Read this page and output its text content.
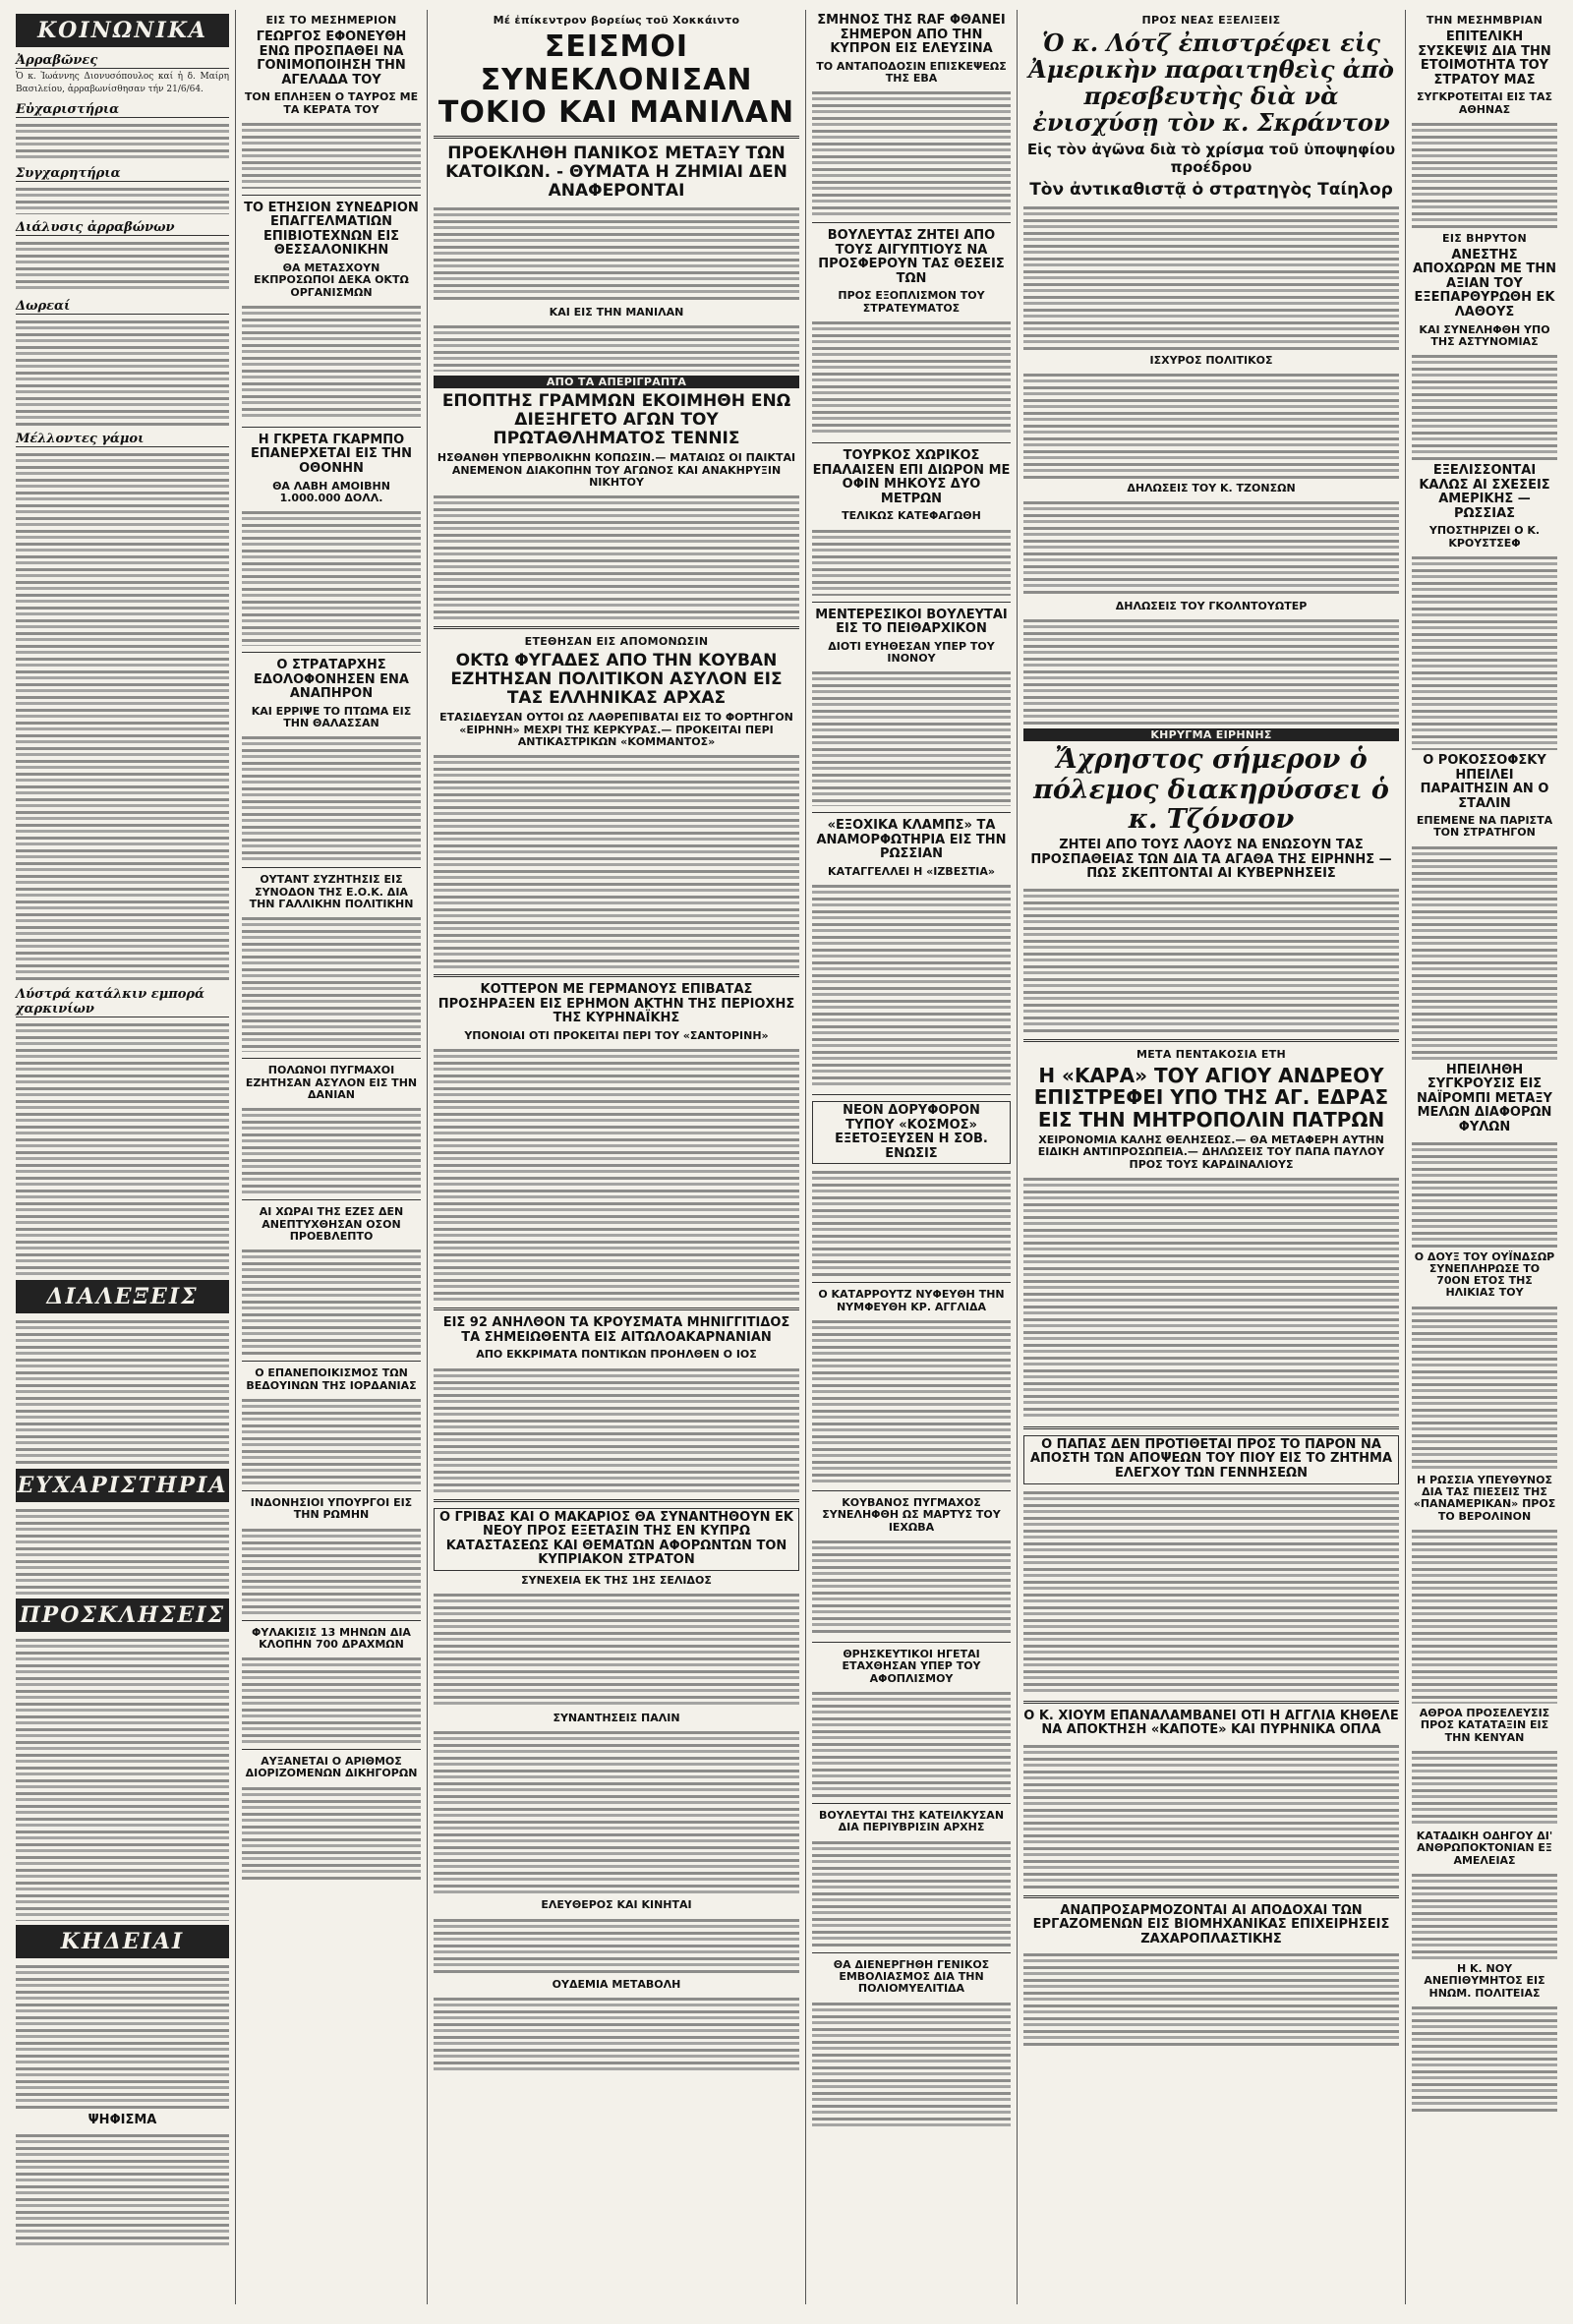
ΚΟΙΝΩΝΙΚΑ
Ἀρραβῶνες
Ὁ κ. Ἰωάννης Διονυσόπουλος καί ἡ δ. Μαίρη Βασιλείου, ἀρραβωνίσθησαν τήν 21/6/64.
Εὐχαριστήρια
Συγχαρητήρια
Διάλυσις ἀρραβώνων
Δωρεαί
Μέλλοντες γάμοι
Λύστρά κατάλκιν εμπορά χαρκινίων
ΔΙΑΛΕΞΕΙΣ
ΕΥΧΑΡΙΣΤΗΡΙΑ
ΠΡΟΣΚΛΗΣΕΙΣ
ΚΗΔΕΙΑΙ
ΨΗΦΙΣΜΑ
ΕΙΣ ΤΟ ΜΕΣΗΜΕΡΙΟΝ
ΓΕΩΡΓΟΣ ΕΦΟΝΕΥΘΗ ΕΝΩ ΠΡΟΣΠΑΘΕΙ ΝΑ ΓΟΝΙΜΟΠΟΙΗΣΗ ΤΗΝ ΑΓΕΛΑΔΑ ΤΟΥ
ΤΟΝ ΕΠΛΗΞΕΝ Ο ΤΑΥΡΟΣ ΜΕ ΤΑ ΚΕΡΑΤΑ ΤΟΥ
ΤΟ ΕΤΗΣΙΟΝ ΣΥΝΕΔΡΙΟΝ ΕΠΑΓΓΕΛΜΑΤΙΩΝ ΕΠΙΒΙΟΤΕΧΝΩΝ ΕΙΣ ΘΕΣΣΑΛΟΝΙΚΗΝ
ΘΑ ΜΕΤΑΣΧΟΥΝ ΕΚΠΡΟΣΩΠΟΙ ΔΕΚΑ ΟΚΤΩ ΟΡΓΑΝΙΣΜΩΝ
Η ΓΚΡΕΤΑ ΓΚΑΡΜΠΟ ΕΠΑΝΕΡΧΕΤΑΙ ΕΙΣ ΤΗΝ ΟΘΟΝΗΝ
ΘΑ ΛΑΒΗ ΑΜΟΙΒΗΝ 1.000.000 ΔΟΛΛ.
Ο ΣΤΡΑΤΑΡΧΗΣ ΕΔΟΛΟΦΟΝΗΣΕΝ ΕΝΑ ΑΝΑΠΗΡΟΝ
ΚΑΙ ΕΡΡΙΨΕ ΤΟ ΠΤΩΜΑ ΕΙΣ ΤΗΝ ΘΑΛΑΣΣΑΝ
ΟΥΤΑΝΤ ΣΥΖΗΤΗΣΙΣ ΕΙΣ ΣΥΝΟΔΟΝ ΤΗΣ Ε.Ο.Κ. ΔΙΑ ΤΗΝ ΓΑΛΛΙΚΗΝ ΠΟΛΙΤΙΚΗΝ
ΠΟΛΩΝΟΙ ΠΥΓΜΑΧΟΙ ΕΖΗΤΗΣΑΝ ΑΣΥΛΟΝ ΕΙΣ ΤΗΝ ΔΑΝΙΑΝ
ΑΙ ΧΩΡΑΙ ΤΗΣ ΕΖΕΣ ΔΕΝ ΑΝΕΠΤΥΧΘΗΣΑΝ ΟΣΟΝ ΠΡΟΕΒΛΕΠΤΟ
Ο ΕΠΑΝΕΠΟΙΚΙΣΜΟΣ ΤΩΝ ΒΕΔΟΥΙΝΩΝ ΤΗΣ ΙΟΡΔΑΝΙΑΣ
ΙΝΔΟΝΗΣΙΟΙ ΥΠΟΥΡΓΟΙ ΕΙΣ ΤΗΝ ΡΩΜΗΝ
ΦΥΛΑΚΙΣΙΣ 13 ΜΗΝΩΝ ΔΙΑ ΚΛΟΠΗΝ 700 ΔΡΑΧΜΩΝ
ΑΥΞΑΝΕΤΑΙ Ο ΑΡΙΘΜΟΣ ΔΙΟΡΙΖΟΜΕΝΩΝ ΔΙΚΗΓΟΡΩΝ
Μέ ἐπίκεντρον βορείως τοῦ Χοκκάιντο
ΣΕΙΣΜΟΙ ΣΥΝΕΚΛΟΝΙΣΑΝ ΤΟΚΙΟ ΚΑΙ ΜΑΝΙΛΑΝ
ΠΡΟΕΚΛΗΘΗ ΠΑΝΙΚΟΣ ΜΕΤΑΞΥ ΤΩΝ ΚΑΤΟΙΚΩΝ. - ΘΥΜΑΤΑ Η ΖΗΜΙΑΙ ΔΕΝ ΑΝΑΦΕΡΟΝΤΑΙ
ΚΑΙ ΕΙΣ ΤΗΝ ΜΑΝΙΛΑΝ
ΑΠΟ ΤΑ ΑΠΕΡΙΓΡΑΠΤΑ
ΕΠΟΠΤΗΣ ΓΡΑΜΜΩΝ ΕΚΟΙΜΗΘΗ ΕΝΩ ΔΙΕΞΗΓΕΤΟ ΑΓΩΝ ΤΟΥ ΠΡΩΤΑΘΛΗΜΑΤΟΣ ΤΕΝΝΙΣ
ΗΣΘΑΝΘΗ ΥΠΕΡΒΟΛΙΚΗΝ ΚΟΠΩΣΙΝ.— ΜΑΤΑΙΩΣ ΟΙ ΠΑΙΚΤΑΙ ΑΝΕΜΕΝΟΝ ΔΙΑΚΟΠΗΝ ΤΟΥ ΑΓΩΝΟΣ ΚΑΙ ΑΝΑΚΗΡΥΞΙΝ ΝΙΚΗΤΟΥ
ΕΤΕΘΗΣΑΝ ΕΙΣ ΑΠΟΜΟΝΩΣΙΝ
ΟΚΤΩ ΦΥΓΑΔΕΣ ΑΠΟ ΤΗΝ ΚΟΥΒΑΝ ΕΖΗΤΗΣΑΝ ΠΟΛΙΤΙΚΟΝ ΑΣΥΛΟΝ ΕΙΣ ΤΑΣ ΕΛΛΗΝΙΚΑΣ ΑΡΧΑΣ
ΕΤΑΣΙΔΕΥΣΑΝ ΟΥΤΟΙ ΩΣ ΛΑΘΡΕΠΙΒΑΤΑΙ ΕΙΣ ΤΟ ΦΟΡΤΗΓΟΝ «ΕΙΡΗΝΗ» ΜΕΧΡΙ ΤΗΣ ΚΕΡΚΥΡΑΣ.— ΠΡΟΚΕΙΤΑΙ ΠΕΡΙ ΑΝΤΙΚΑΣΤΡΙΚΩΝ «ΚΟΜΜΑΝΤΟΣ»
ΚΟΤΤΕΡΟΝ ΜΕ ΓΕΡΜΑΝΟΥΣ ΕΠΙΒΑΤΑΣ ΠΡΟΣΗΡΑΞΕΝ ΕΙΣ ΕΡΗΜΟΝ ΑΚΤΗΝ ΤΗΣ ΠΕΡΙΟΧΗΣ ΤΗΣ ΚΥΡΗΝΑΪΚΗΣ
ΥΠΟΝΟΙΑΙ ΟΤΙ ΠΡΟΚΕΙΤΑΙ ΠΕΡΙ ΤΟΥ «ΣΑΝΤΟΡΙΝΗ»
ΕΙΣ 92 ΑΝΗΛΘΟΝ ΤΑ ΚΡΟΥΣΜΑΤΑ ΜΗΝΙΓΓΙΤΙΔΟΣ ΤΑ ΣΗΜΕΙΩΘΕΝΤΑ ΕΙΣ ΑΙΤΩΛΟΑΚΑΡΝΑΝΙΑΝ
ΑΠΟ ΕΚΚΡΙΜΑΤΑ ΠΟΝΤΙΚΩΝ ΠΡΟΗΛΘΕΝ Ο ΙΟΣ
Ο ΓΡΙΒΑΣ ΚΑΙ Ο ΜΑΚΑΡΙΟΣ ΘΑ ΣΥΝΑΝΤΗΘΟΥΝ ΕΚ ΝΕΟΥ ΠΡΟΣ ΕΞΕΤΑΣΙΝ ΤΗΣ ΕΝ ΚΥΠΡΩ ΚΑΤΑΣΤΑΣΕΩΣ ΚΑΙ ΘΕΜΑΤΩΝ ΑΦΟΡΩΝΤΩΝ ΤΟΝ ΚΥΠΡΙΑΚΟΝ ΣΤΡΑΤΟΝ
ΣΥΝΕΧΕΙΑ ΕΚ ΤΗΣ 1ΗΣ ΣΕΛΙΔΟΣ
ΣΥΝΑΝΤΗΣΕΙΣ ΠΑΛΙΝ
ΕΛΕΥΘΕΡΟΣ ΚΑΙ ΚΙΝΗΤΑΙ
ΟΥΔΕΜΙΑ ΜΕΤΑΒΟΛΗ
ΣΜΗΝΟΣ ΤΗΣ RAF ΦΘΑΝΕΙ ΣΗΜΕΡΟΝ ΑΠΟ ΤΗΝ ΚΥΠΡΟΝ ΕΙΣ ΕΛΕΥΣΙΝΑ
ΤΟ ΑΝΤΑΠΟΔΟΣΙΝ ΕΠΙΣΚΕΨΕΩΣ ΤΗΣ ΕΒΑ
ΒΟΥΛΕΥΤΑΣ ΖΗΤΕΙ ΑΠΟ ΤΟΥΣ ΑΙΓΥΠΤΙΟΥΣ ΝΑ ΠΡΟΣΦΕΡΟΥΝ ΤΑΣ ΘΕΣΕΙΣ ΤΩΝ
ΠΡΟΣ ΕΞΟΠΛΙΣΜΟΝ ΤΟΥ ΣΤΡΑΤΕΥΜΑΤΟΣ
ΤΟΥΡΚΟΣ ΧΩΡΙΚΟΣ ΕΠΑΛΑΙΣΕΝ ΕΠΙ ΔΙΩΡΟΝ ΜΕ ΟΦΙΝ ΜΗΚΟΥΣ ΔΥΟ ΜΕΤΡΩΝ
ΤΕΛΙΚΩΣ ΚΑΤΕΦΑΓΩΘΗ
ΜΕΝΤΕΡΕΣΙΚΟΙ ΒΟΥΛΕΥΤΑΙ ΕΙΣ ΤΟ ΠΕΙΘΑΡΧΙΚΟΝ
ΔΙΟΤΙ ΕΥΗΘΕΣΑΝ ΥΠΕΡ ΤΟΥ ΙΝΟΝΟΥ
«ΕΞΟΧΙΚΑ ΚΛΑΜΠΣ» ΤΑ ΑΝΑΜΟΡΦΩΤΗΡΙΑ ΕΙΣ ΤΗΝ ΡΩΣΣΙΑΝ
ΚΑΤΑΓΓΕΛΛΕΙ Η «ΙΖΒΕΣΤΙΑ»
ΝΕΟΝ ΔΟΡΥΦΟΡΟΝ ΤΥΠΟΥ «ΚΟΣΜΟΣ» ΕΞΕΤΟΞΕΥΣΕΝ Η ΣΟΒ. ΕΝΩΣΙΣ
Ο ΚΑΤΑΡΡΟΥΤΖ ΝΥΦΕΥΘΗ ΤΗΝ ΝΥΜΦΕΥΘΗ ΚΡ. ΑΓΓΛΙΔΑ
ΚΟΥΒΑΝΟΣ ΠΥΓΜΑΧΟΣ ΣΥΝΕΛΗΦΘΗ ΩΣ ΜΑΡΤΥΣ ΤΟΥ ΙΕΧΩΒΑ
ΘΡΗΣΚΕΥΤΙΚΟΙ ΗΓΕΤΑΙ ΕΤΑΧΘΗΣΑΝ ΥΠΕΡ ΤΟΥ ΑΦΟΠΛΙΣΜΟΥ
ΒΟΥΛΕΥΤΑΙ ΤΗΣ ΚΑΤΕΙΛΚΥΣΑΝ ΔΙΑ ΠΕΡΙΥΒΡΙΣΙΝ ΑΡΧΗΣ
ΘΑ ΔΙΕΝΕΡΓΗΘΗ ΓΕΝΙΚΟΣ ΕΜΒΟΛΙΑΣΜΟΣ ΔΙΑ ΤΗΝ ΠΟΛΙΟΜΥΕΛΙΤΙΔΑ
ΠΡΟΣ ΝΕΑΣ ΕΞΕΛΙΞΕΙΣ
Ὁ κ. Λότζ ἐπιστρέφει εἰς Ἀμερικὴν παραιτηθεὶς ἀπὸ πρεσβευτὴς διὰ νὰ ἐνισχύσῃ τὸν κ. Σκράντον
Εἰς τὸν ἀγῶνα διὰ τὸ χρίσμα τοῦ ὑποψηφίου προέδρου
Τὸν ἀντικαθιστᾷ ὁ στρατηγὸς Ταίηλορ
ΙΣΧΥΡΟΣ ΠΟΛΙΤΙΚΟΣ
ΔΗΛΩΣΕΙΣ ΤΟΥ Κ. ΤΖΟΝΣΩΝ
ΔΗΛΩΣΕΙΣ ΤΟΥ ΓΚΟΛΝΤΟΥΩΤΕΡ
ΚΗΡΥΓΜΑ ΕΙΡΗΝΗΣ
Ἄχρηστος σήμερον ὁ πόλεμος διακηρύσσει ὁ κ. Τζόνσον
ΖΗΤΕΙ ΑΠΟ ΤΟΥΣ ΛΑΟΥΣ ΝΑ ΕΝΩΣΟΥΝ ΤΑΣ ΠΡΟΣΠΑΘΕΙΑΣ ΤΩΝ ΔΙΑ ΤΑ ΑΓΑΘΑ ΤΗΣ ΕΙΡΗΝΗΣ — ΠΩΣ ΣΚΕΠΤΟΝΤΑΙ ΑΙ ΚΥΒΕΡΝΗΣΕΙΣ
ΜΕΤΑ ΠΕΝΤΑΚΟΣΙΑ ΕΤΗ
Η «ΚΑΡΑ» ΤΟΥ ΑΓΙΟΥ ΑΝΔΡΕΟΥ ΕΠΙΣΤΡΕΦΕΙ ΥΠΟ ΤΗΣ ΑΓ. ΕΔΡΑΣ ΕΙΣ ΤΗΝ ΜΗΤΡΟΠΟΛΙΝ ΠΑΤΡΩΝ
ΧΕΙΡΟΝΟΜΙΑ ΚΑΛΗΣ ΘΕΛΗΣΕΩΣ.— ΘΑ ΜΕΤΑΦΕΡΗ ΑΥΤΗΝ ΕΙΔΙΚΗ ΑΝΤΙΠΡΟΣΩΠΕΙΑ.— ΔΗΛΩΣΕΙΣ ΤΟΥ ΠΑΠΑ ΠΑΥΛΟΥ ΠΡΟΣ ΤΟΥΣ ΚΑΡΔΙΝΑΛΙΟΥΣ
Ο ΠΑΠΑΣ ΔΕΝ ΠΡΟΤΙΘΕΤΑΙ ΠΡΟΣ ΤΟ ΠΑΡΟΝ ΝΑ ΑΠΟΣΤΗ ΤΩΝ ΑΠΟΨΕΩΝ ΤΟΥ ΠΙΟΥ ΕΙΣ ΤΟ ΖΗΤΗΜΑ ΕΛΕΓΧΟΥ ΤΩΝ ΓΕΝΝΗΣΕΩΝ
Ο Κ. ΧΙΟΥΜ ΕΠΑΝΑΛΑΜΒΑΝΕΙ ΟΤΙ Η ΑΓΓΛΙΑ ΚΗΘΕΛΕ ΝΑ ΑΠΟΚΤΗΣΗ «ΚΑΠΟΤΕ» ΚΑΙ ΠΥΡΗΝΙΚΑ ΟΠΛΑ
ΑΝΑΠΡΟΣΑΡΜΟΖΟΝΤΑΙ ΑΙ ΑΠΟΔΟΧΑΙ ΤΩΝ ΕΡΓΑΖΟΜΕΝΩΝ ΕΙΣ ΒΙΟΜΗΧΑΝΙΚΑΣ ΕΠΙΧΕΙΡΗΣΕΙΣ ΖΑΧΑΡΟΠΛΑΣΤΙΚΗΣ
ΤΗΝ ΜΕΣΗΜΒΡΙΑΝ
ΕΠΙΤΕΛΙΚΗ ΣΥΣΚΕΨΙΣ ΔΙΑ ΤΗΝ ΕΤΟΙΜΟΤΗΤΑ ΤΟΥ ΣΤΡΑΤΟΥ ΜΑΣ
ΣΥΓΚΡΟΤΕΙΤΑΙ ΕΙΣ ΤΑΣ ΑΘΗΝΑΣ
ΕΙΣ ΒΗΡΥΤΟΝ
ΑΝΕΣΤΗΣ ΑΠΟΧΩΡΩΝ ΜΕ ΤΗΝ ΑΞΙΑΝ ΤΟΥ ΕΞΕΠΑΡΘΥΡΩΘΗ ΕΚ ΛΑΘΟΥΣ
ΚΑΙ ΣΥΝΕΛΗΦΘΗ ΥΠΟ ΤΗΣ ΑΣΤΥΝΟΜΙΑΣ
ΕΞΕΛΙΣΣΟΝΤΑΙ ΚΑΛΩΣ ΑΙ ΣΧΕΣΕΙΣ ΑΜΕΡΙΚΗΣ — ΡΩΣΣΙΑΣ
ΥΠΟΣΤΗΡΙΖΕΙ Ο Κ. ΚΡΟΥΣΤΣΕΦ
Ο ΡΟΚΟΣΣΟΦΣΚΥ ΗΠΕΙΛΕΙ ΠΑΡΑΙΤΗΣΙΝ ΑΝ Ο ΣΤΑΛΙΝ
ΕΠΕΜΕΝΕ ΝΑ ΠΑΡΙΣΤΑ ΤΟΝ ΣΤΡΑΤΗΓΟΝ
ΗΠΕΙΛΗΘΗ ΣΥΓΚΡΟΥΣΙΣ ΕΙΣ ΝΑΪΡΟΜΠΙ ΜΕΤΑΞΥ ΜΕΛΩΝ ΔΙΑΦΟΡΩΝ ΦΥΛΩΝ
Ο ΔΟΥΞ ΤΟΥ ΟΥΪΝΔΣΩΡ ΣΥΝΕΠΛΗΡΩΣΕ ΤΟ 70ΟΝ ΕΤΟΣ ΤΗΣ ΗΛΙΚΙΑΣ ΤΟΥ
Η ΡΩΣΣΙΑ ΥΠΕΥΘΥΝΟΣ ΔΙΑ ΤΑΣ ΠΙΕΣΕΙΣ ΤΗΣ «ΠΑΝΑΜΕΡΙΚΑΝ» ΠΡΟΣ ΤΟ ΒΕΡΟΛΙΝΟΝ
ΑΘΡΟΑ ΠΡΟΣΕΛΕΥΣΙΣ ΠΡΟΣ ΚΑΤΑΤΑΞΙΝ ΕΙΣ ΤΗΝ ΚΕΝΥΑΝ
ΚΑΤΑΔΙΚΗ ΟΔΗΓΟΥ ΔΙ' ΑΝΘΡΩΠΟΚΤΟΝΙΑΝ ΕΞ ΑΜΕΛΕΙΑΣ
Η Κ. ΝΟΥ ΑΝΕΠΙΘΥΜΗΤΟΣ ΕΙΣ ΗΝΩΜ. ΠΟΛΙΤΕΙΑΣ
